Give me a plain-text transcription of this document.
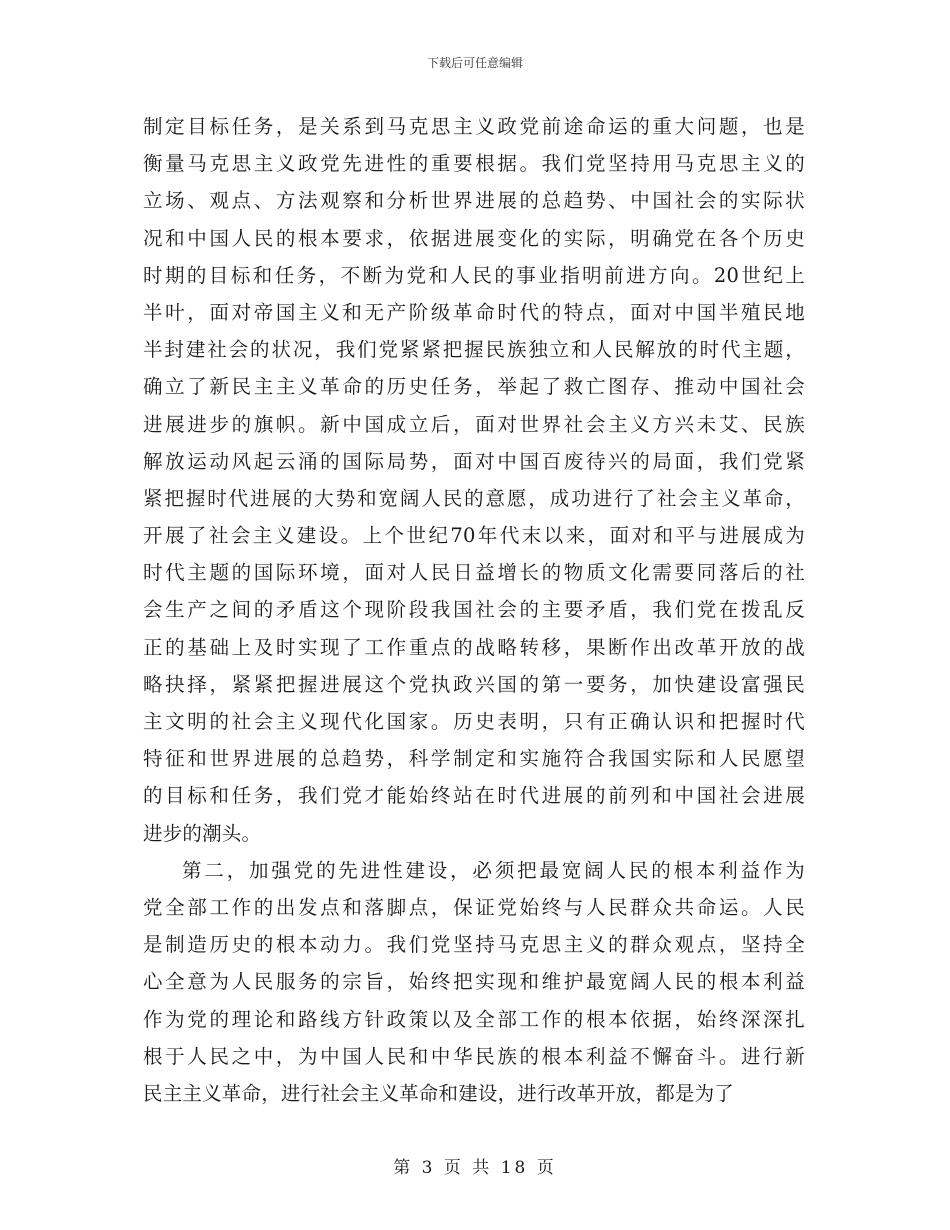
下载后可任意编辑
制定目标任务，是关系到马克思主义政党前途命运的重大问题，也是
衡量马克思主义政党先进性的重要根据。我们党坚持用马克思主义的
立场、观点、方法观察和分析世界进展的总趋势、中国社会的实际状
况和中国人民的根本要求，依据进展变化的实际，明确党在各个历史
时期的目标和任务，不断为党和人民的事业指明前进方向。20世纪上
半叶，面对帝国主义和无产阶级革命时代的特点，面对中国半殖民地
半封建社会的状况，我们党紧紧把握民族独立和人民解放的时代主题，
确立了新民主主义革命的历史任务，举起了救亡图存、推动中国社会
进展进步的旗帜。新中国成立后，面对世界社会主义方兴未艾、民族
解放运动风起云涌的国际局势，面对中国百废待兴的局面，我们党紧
紧把握时代进展的大势和宽阔人民的意愿，成功进行了社会主义革命，
开展了社会主义建设。上个世纪70年代末以来，面对和平与进展成为
时代主题的国际环境，面对人民日益增长的物质文化需要同落后的社
会生产之间的矛盾这个现阶段我国社会的主要矛盾，我们党在拨乱反
正的基础上及时实现了工作重点的战略转移，果断作出改革开放的战
略抉择，紧紧把握进展这个党执政兴国的第一要务，加快建设富强民
主文明的社会主义现代化国家。历史表明，只有正确认识和把握时代
特征和世界进展的总趋势，科学制定和实施符合我国实际和人民愿望
的目标和任务，我们党才能始终站在时代进展的前列和中国社会进展
进步的潮头。
第二，加强党的先进性建设，必须把最宽阔人民的根本利益作为
党全部工作的出发点和落脚点，保证党始终与人民群众共命运。人民
是制造历史的根本动力。我们党坚持马克思主义的群众观点，坚持全
心全意为人民服务的宗旨，始终把实现和维护最宽阔人民的根本利益
作为党的理论和路线方针政策以及全部工作的根本依据，始终深深扎
根于人民之中，为中国人民和中华民族的根本利益不懈奋斗。进行新
民主主义革命，进行社会主义革命和建设，进行改革开放，都是为了
第 3 页 共 18 页
